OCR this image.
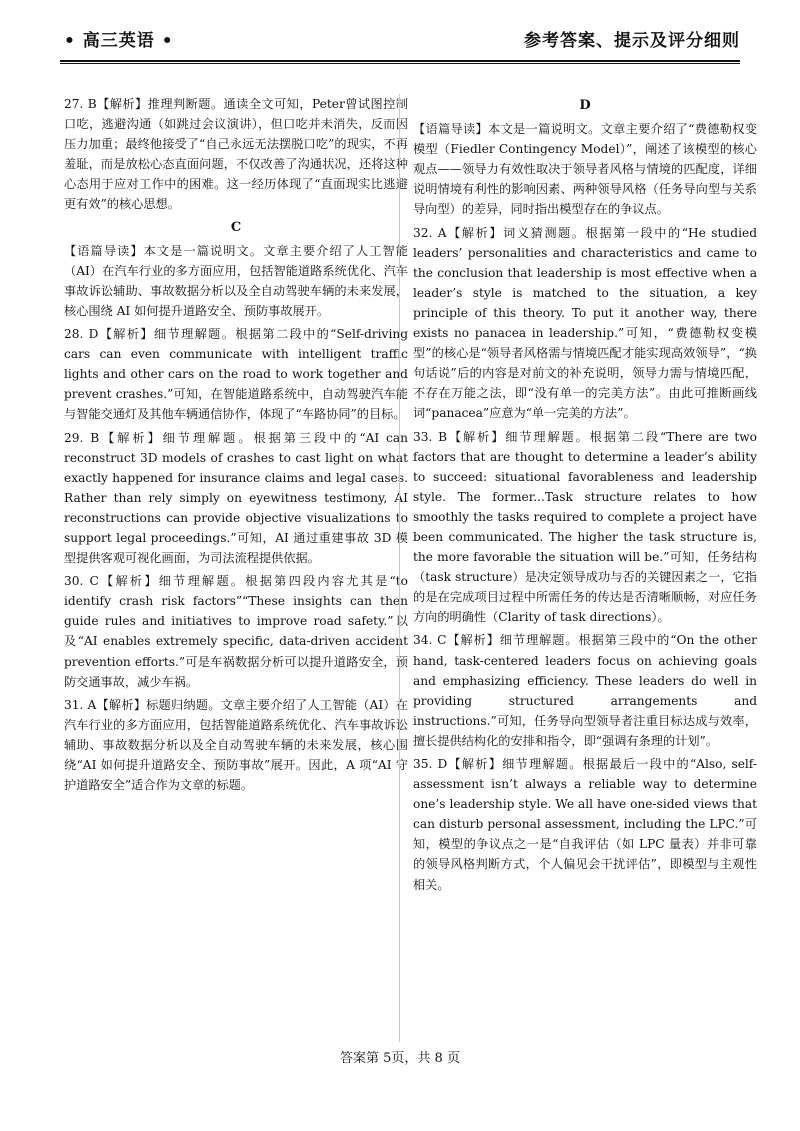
• 高三英语 •	参考答案、提示及评分细则

27. B【解析】推理判断题。通读全文可知，Peter曾试图控制口吃，逃避沟通（如跳过会议演讲），但口吃并未消失，反而因压力加重；最终他接受了“自己永远无法摆脱口吃”的现实，不再羞耻，而是放松心态直面问题，不仅改善了沟通状况，还将这种心态用于应对工作中的困难。这一经历体现了“直面现实比逃避更有效”的核心思想。

C

【语篇导读】本文是一篇说明文。文章主要介绍了人工智能（AI）在汽车行业的多方面应用，包括智能道路系统优化、汽车事故诉讼辅助、事故数据分析以及全自动驾驶车辆的未来发展，核心围绕 AI 如何提升道路安全、预防事故展开。

28. D【解析】细节理解题。根据第二段中的“Self-driving cars can even communicate with intelligent traffic lights and other cars on the road to work together and prevent crashes.”可知，在智能道路系统中，自动驾驶汽车能与智能交通灯及其他车辆通信协作，体现了“车路协同”的目标。

29. B【解析】细节理解题。根据第三段中的“AI can reconstruct 3D models of crashes to cast light on what exactly happened for insurance claims and legal cases. Rather than rely simply on eyewitness testimony, AI reconstructions can provide objective visualizations to support legal proceedings.”可知，AI 通过重建事故 3D 模型提供客观可视化画面，为司法流程提供依据。

30. C【解析】细节理解题。根据第四段内容尤其是“to identify crash risk factors”“These insights can then guide rules and initiatives to improve road safety.”以及“AI enables extremely specific, data-driven accident prevention efforts.”可是车祸数据分析可以提升道路安全，预防交通事故，减少车祸。

31. A【解析】标题归纳题。文章主要介绍了人工智能（AI）在汽车行业的多方面应用，包括智能道路系统优化、汽车事故诉讼辅助、事故数据分析以及全自动驾驶车辆的未来发展，核心围绕“AI 如何提升道路安全、预防事故”展开。因此，A 项“AI 守护道路安全”适合作为文章的标题。

D

【语篇导读】本文是一篇说明文。文章主要介绍了“费德勒权变模型（Fiedler Contingency Model）”，阐述了该模型的核心观点——领导力有效性取决于领导者风格与情境的匹配度，详细说明情境有利性的影响因素、两种领导风格（任务导向型与关系导向型）的差异，同时指出模型存在的争议点。

32. A【解析】词义猜测题。根据第一段中的“He studied leaders’ personalities and characteristics and came to the conclusion that leadership is most effective when a leader’s style is matched to the situation, a key principle of this theory. To put it another way, there exists no panacea in leadership.”可知，“费德勒权变模型”的核心是“领导者风格需与情境匹配才能实现高效领导”，“换句话说”后的内容是对前文的补充说明，领导力需与情境匹配，不存在万能之法，即“没有单一的完美方法”。由此可推断画线词“panacea”应意为“单一完美的方法”。

33. B【解析】细节理解题。根据第二段“There are two factors that are thought to determine a leader’s ability to succeed: situational favorableness and leadership style. The former...Task structure relates to how smoothly the tasks required to complete a project have been communicated. The higher the task structure is, the more favorable the situation will be.”可知，任务结构（task structure）是决定领导成功与否的关键因素之一，它指的是在完成项目过程中所需任务的传达是否清晰顺畅，对应任务方向的明确性（Clarity of task directions）。

34. C【解析】细节理解题。根据第三段中的“On the other hand, task-centered leaders focus on achieving goals and emphasizing efficiency. These leaders do well in providing structured arrangements and instructions.”可知，任务导向型领导者注重目标达成与效率，擅长提供结构化的安排和指令，即“强调有条理的计划”。

35. D【解析】细节理解题。根据最后一段中的“Also, self-assessment isn’t always a reliable way to determine one’s leadership style. We all have one-sided views that can disturb personal assessment, including the LPC.”可知，模型的争议点之一是“自我评估（如 LPC 量表）并非可靠的领导风格判断方式，个人偏见会干扰评估”，即模型与主观性相关。

答案第 5页，共 8 页
